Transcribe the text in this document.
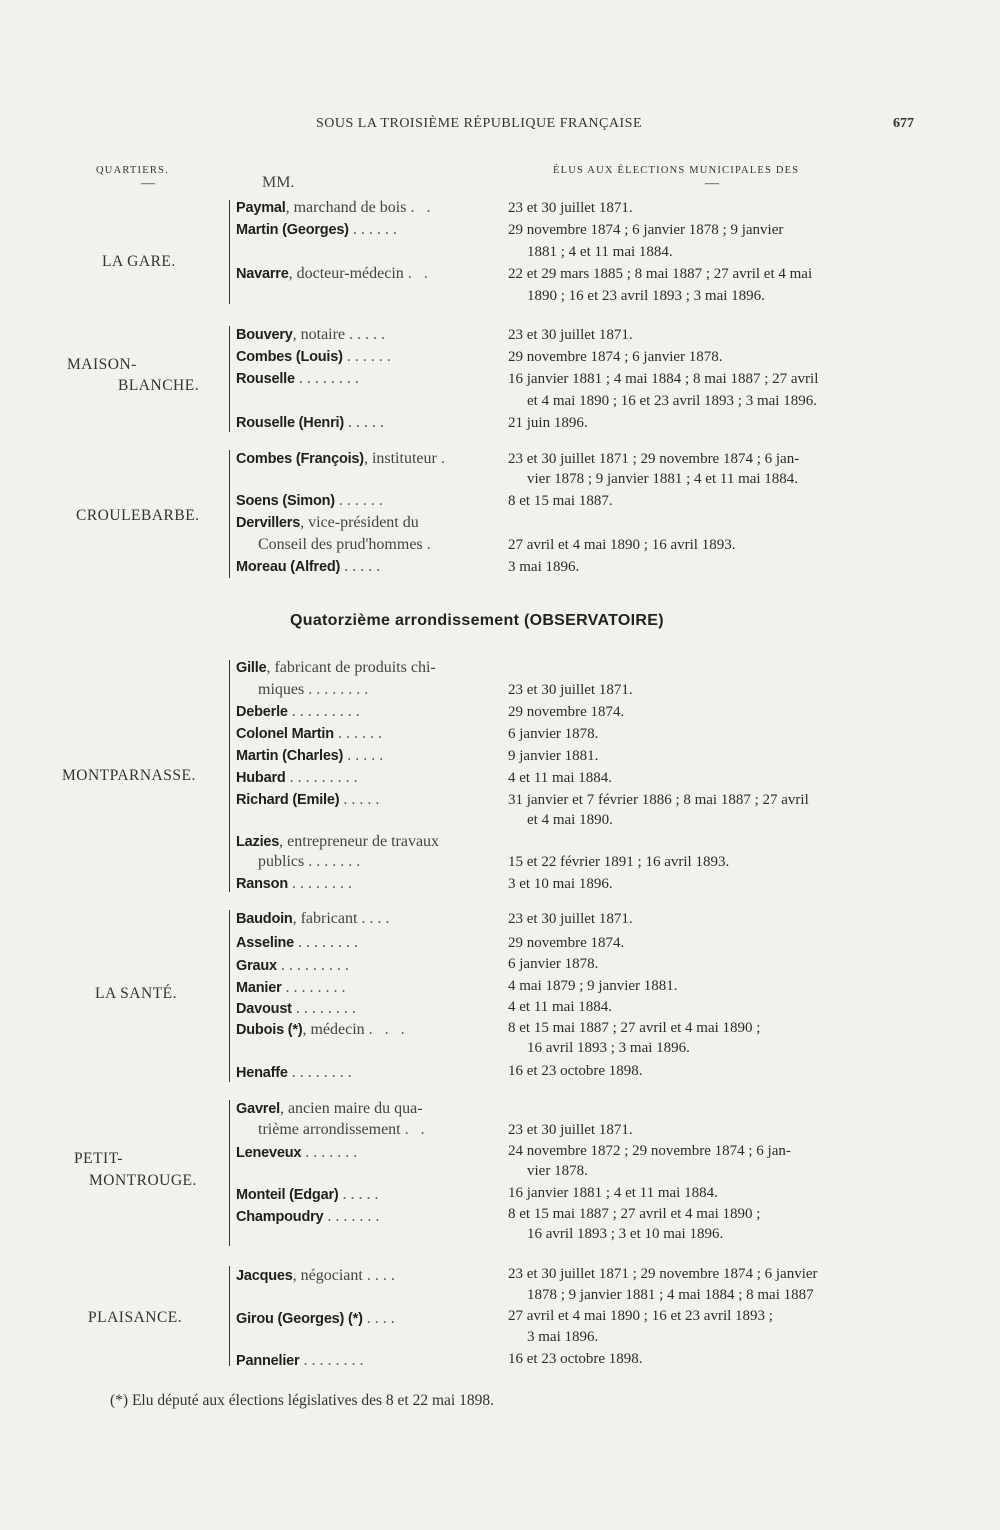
SOUS LA TROISIÈME RÉPUBLIQUE FRANÇAISE	677
QUARTIERS.	ÉLUS AUX ÉLECTIONS MUNICIPALES DES
—	—
MM.
LA GARE.
Paymal, marchand de bois . .	23 et 30 juillet 1871.
Martin (Georges) ......	29 novembre 1874 ; 6 janvier 1878 ; 9 janvier
1881 ; 4 et 11 mai 1884.
Navarre, docteur-médecin . .	22 et 29 mars 1885 ; 8 mai 1887 ; 27 avril et 4 mai
1890 ; 16 et 23 avril 1893 ; 3 mai 1896.
MAISON-
BLANCHE.
Bouvery, notaire .....	23 et 30 juillet 1871.
Combes (Louis) ......	29 novembre 1874 ; 6 janvier 1878.
Rouselle ........	16 janvier 1881 ; 4 mai 1884 ; 8 mai 1887 ; 27 avril
et 4 mai 1890 ; 16 et 23 avril 1893 ; 3 mai 1896.
Rouselle (Henri) .....	21 juin 1896.
CROULEBARBE.
Combes (François), instituteur .	23 et 30 juillet 1871 ; 29 novembre 1874 ; 6 jan-
vier 1878 ; 9 janvier 1881 ; 4 et 11 mai 1884.
Soens (Simon) ......	8 et 15 mai 1887.
Dervillers, vice-président du
Conseil des prud'hommes .	27 avril et 4 mai 1890 ; 16 avril 1893.
Moreau (Alfred) .....	3 mai 1896.
Quatorzième arrondissement (OBSERVATOIRE)
MONTPARNASSE.
Gille, fabricant de produits chi-
miques ........	23 et 30 juillet 1871.
Deberle .........	29 novembre 1874.
Colonel Martin ......	6 janvier 1878.
Martin (Charles) .....	9 janvier 1881.
Hubard .........	4 et 11 mai 1884.
Richard (Emile) .....	31 janvier et 7 février 1886 ; 8 mai 1887 ; 27 avril
et 4 mai 1890.
Lazies, entrepreneur de travaux
publics .......	15 et 22 février 1891 ; 16 avril 1893.
Ranson ........	3 et 10 mai 1896.
LA SANTÉ.
Baudoin, fabricant ....	23 et 30 juillet 1871.
Asseline ........	29 novembre 1874.
Graux .........	6 janvier 1878.
Manier ........	4 mai 1879 ; 9 janvier 1881.
Davoust ........	4 et 11 mai 1884.
Dubois (*), médecin . . .	8 et 15 mai 1887 ; 27 avril et 4 mai 1890 ;
16 avril 1893 ; 3 mai 1896.
Henaffe ........	16 et 23 octobre 1898.
PETIT-
MONTROUGE.
Gavrel, ancien maire du qua-
trième arrondissement . .	23 et 30 juillet 1871.
Leneveux .......	24 novembre 1872 ; 29 novembre 1874 ; 6 jan-
vier 1878.
Monteil (Edgar) .....	16 janvier 1881 ; 4 et 11 mai 1884.
Champoudry .......	8 et 15 mai 1887 ; 27 avril et 4 mai 1890 ;
16 avril 1893 ; 3 et 10 mai 1896.
PLAISANCE.
Jacques, négociant ....	23 et 30 juillet 1871 ; 29 novembre 1874 ; 6 janvier
1878 ; 9 janvier 1881 ; 4 mai 1884 ; 8 mai 1887
Girou (Georges) (*) ....	27 avril et 4 mai 1890 ; 16 et 23 avril 1893 ;
3 mai 1896.
Pannelier ........	16 et 23 octobre 1898.
(*) Elu député aux élections législatives des 8 et 22 mai 1898.
